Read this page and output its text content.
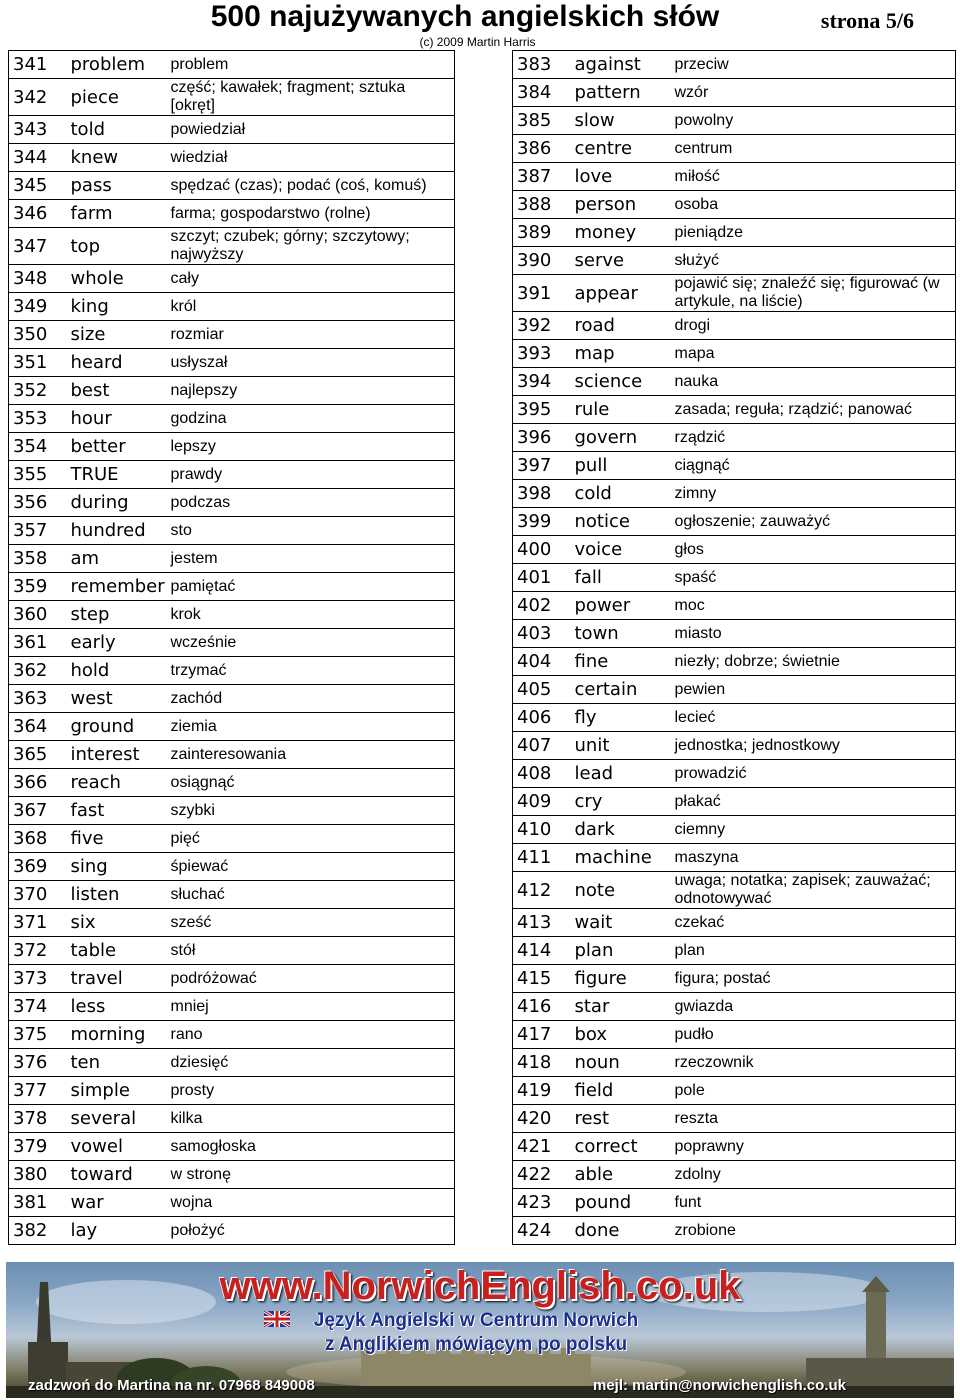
500 najużywanych angielskich słów	strona 5/6
(c) 2009 Martin Harris
341	problem	problem
342	piece	część; kawałek; fragment; sztuka [okręt]
343	told	powiedział
344	knew	wiedział
345	pass	spędzać (czas); podać (coś, komuś)
346	farm	farma; gospodarstwo (rolne)
347	top	szczyt; czubek; górny; szczytowy; najwyższy
348	whole	cały
349	king	król
350	size	rozmiar
351	heard	usłyszał
352	best	najlepszy
353	hour	godzina
354	better	lepszy
355	TRUE	prawdy
356	during	podczas
357	hundred	sto
358	am	jestem
359	remember	pamiętać
360	step	krok
361	early	wcześnie
362	hold	trzymać
363	west	zachód
364	ground	ziemia
365	interest	zainteresowania
366	reach	osiągnąć
367	fast	szybki
368	five	pięć
369	sing	śpiewać
370	listen	słuchać
371	six	sześć
372	table	stół
373	travel	podróżować
374	less	mniej
375	morning	rano
376	ten	dziesięć
377	simple	prosty
378	several	kilka
379	vowel	samogłoska
380	toward	w stronę
381	war	wojna
382	lay	położyć
383	against	przeciw
384	pattern	wzór
385	slow	powolny
386	centre	centrum
387	love	miłość
388	person	osoba
389	money	pieniądze
390	serve	służyć
391	appear	pojawić się; znaleźć się; figurować (w artykule, na liście)
392	road	drogi
393	map	mapa
394	science	nauka
395	rule	zasada; reguła; rządzić; panować
396	govern	rządzić
397	pull	ciągnąć
398	cold	zimny
399	notice	ogłoszenie; zauważyć
400	voice	głos
401	fall	spaść
402	power	moc
403	town	miasto
404	fine	niezły; dobrze; świetnie
405	certain	pewien
406	fly	lecieć
407	unit	jednostka; jednostkowy
408	lead	prowadzić
409	cry	płakać
410	dark	ciemny
411	machine	maszyna
412	note	uwaga; notatka; zapisek; zauważać; odnotowywać
413	wait	czekać
414	plan	plan
415	figure	figura; postać
416	star	gwiazda
417	box	pudło
418	noun	rzeczownik
419	field	pole
420	rest	reszta
421	correct	poprawny
422	able	zdolny
423	pound	funt
424	done	zrobione
www.NorwichEnglish.co.uk
Język Angielski w Centrum Norwich
z Anglikiem mówiącym po polsku
zadzwoń do Martina na nr. 07968 849008	mejl: martin@norwichenglish.co.uk
